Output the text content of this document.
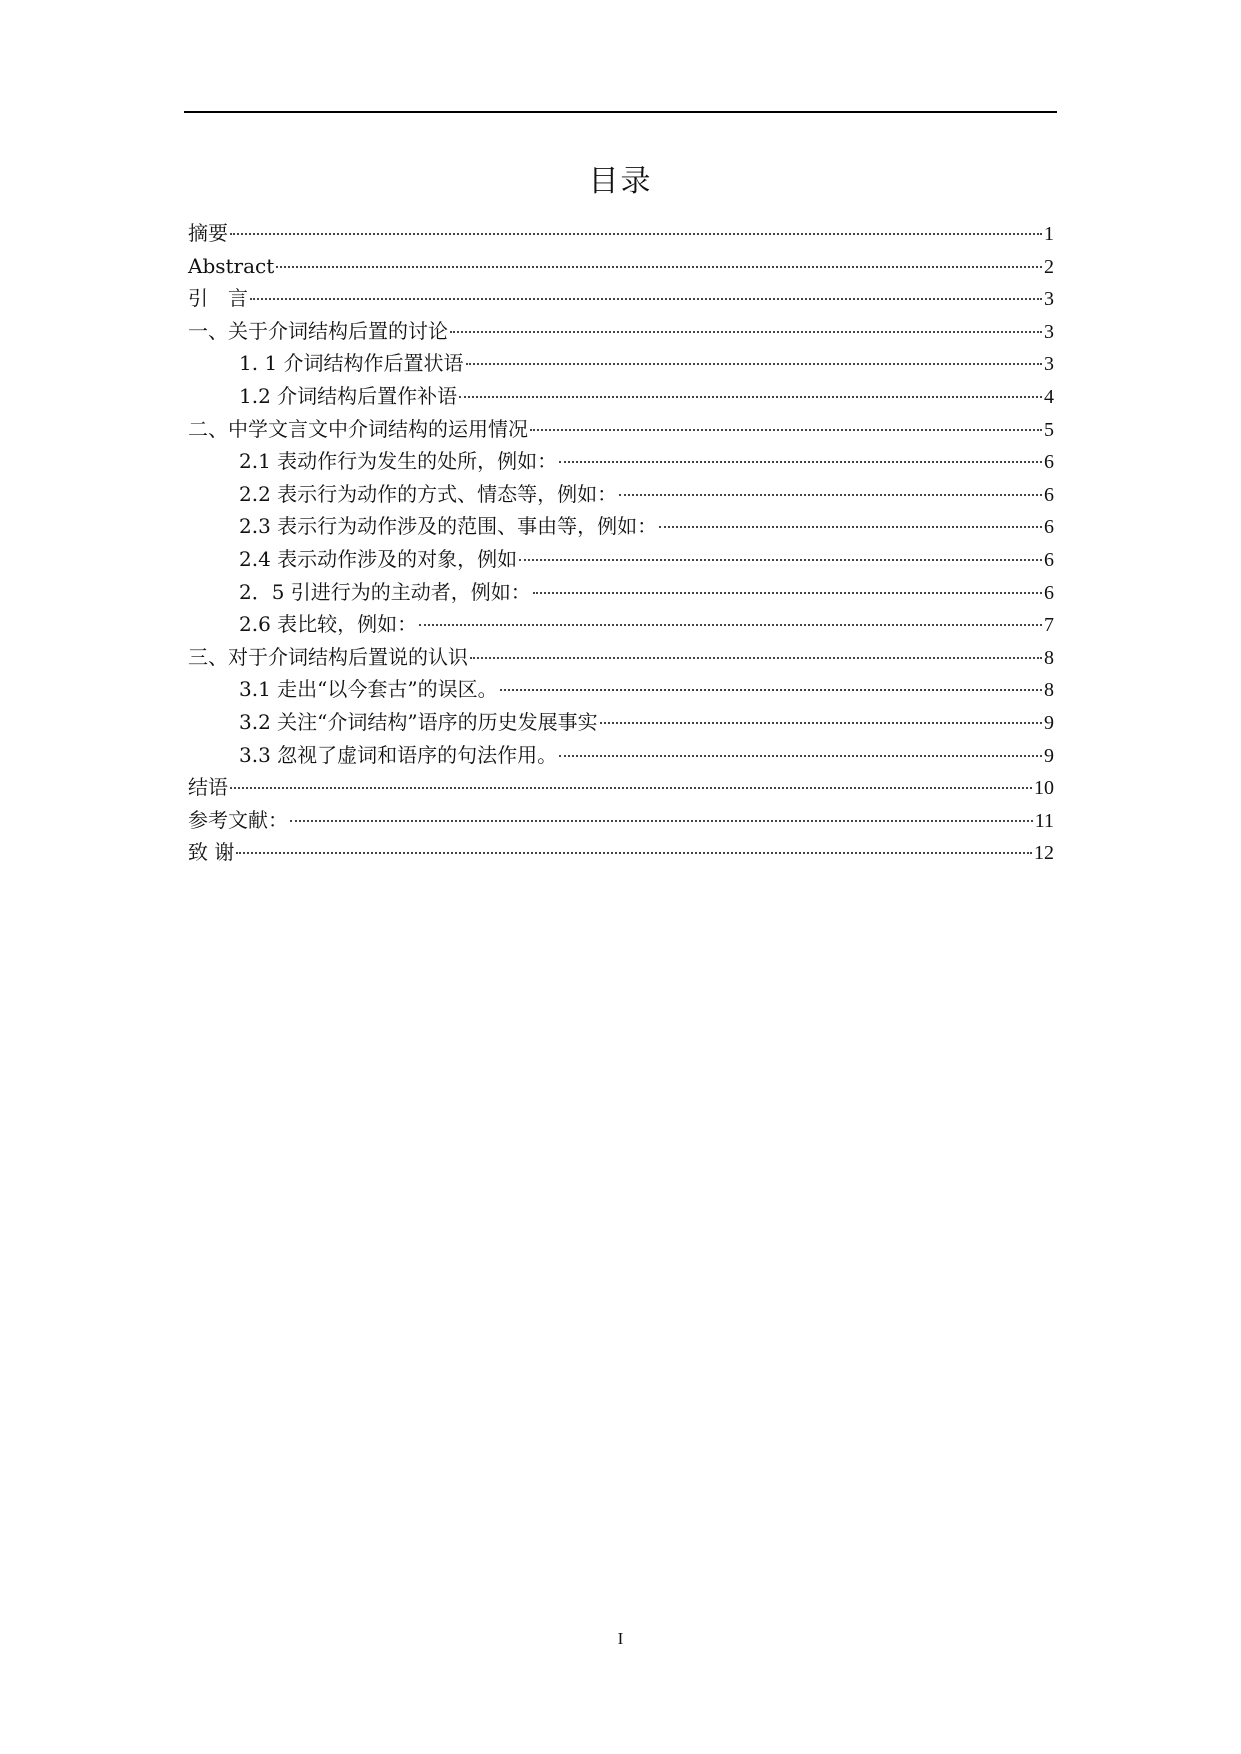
目录
摘要	1
Abstract	2
引　言	3
一、关于介词结构后置的讨论	3
1. 1 介词结构作后置状语	3
1.2 介词结构后置作补语	4
二、中学文言文中介词结构的运用情况	5
2.1 表动作行为发生的处所，例如：	6
2.2 表示行为动作的方式、情态等，例如：	6
2.3 表示行为动作涉及的范围、事由等，例如：	6
2.4 表示动作涉及的对象，例如	6
2．5 引进行为的主动者，例如：	6
2.6 表比较，例如：	7
三、对于介词结构后置说的认识	8
3.1 走出“以今套古”的误区。	8
3.2 关注“介词结构”语序的历史发展事实	9
3.3 忽视了虚词和语序的句法作用。	9
结语	10
参考文献：	11
致 谢	12
I
